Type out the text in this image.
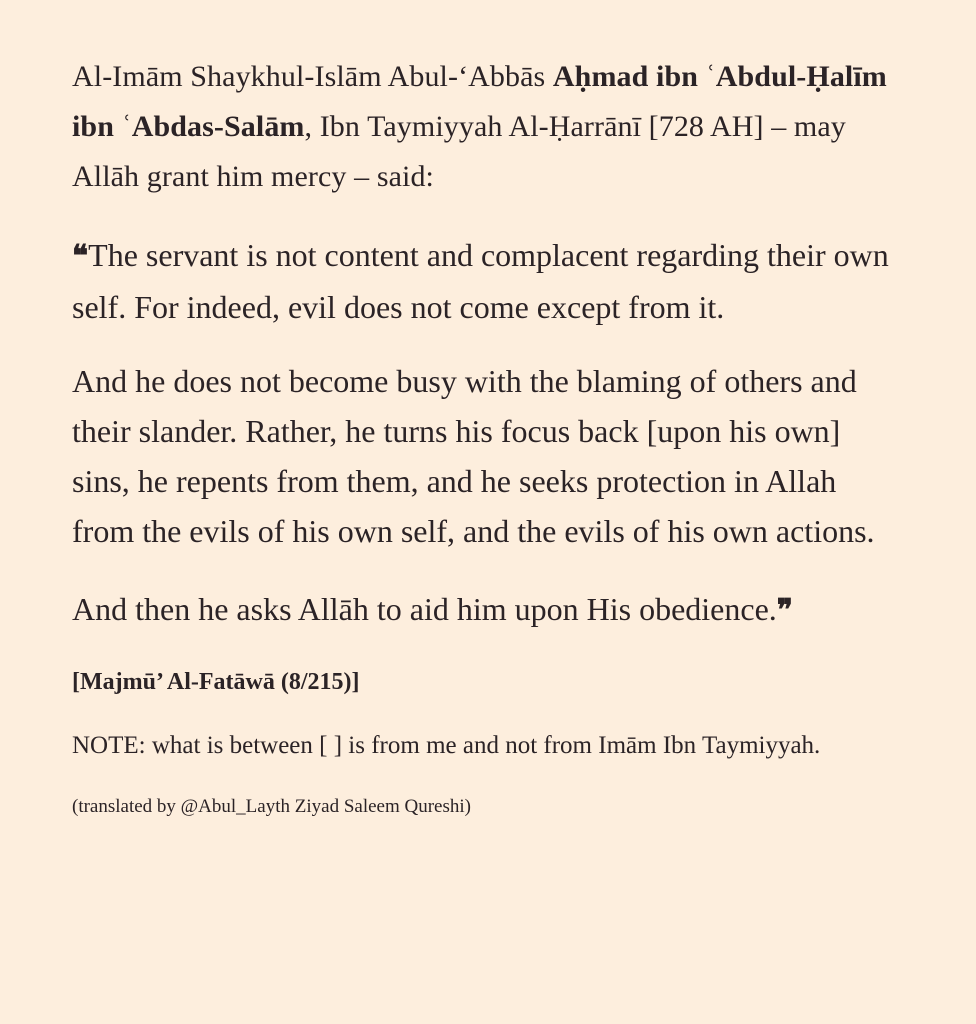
Al-Imām Shaykhul-Islām Abul-‘Abbās Aḥmad ibn ʿAbdul-Ḥalīm ibn ʿAbdas-Salām, Ibn Taymiyyah Al-Ḥarrānī [728 AH] – may Allāh grant him mercy – said:

❝The servant is not content and complacent regarding their own self. For indeed, evil does not come except from it.

And he does not become busy with the blaming of others and their slander. Rather, he turns his focus back [upon his own] sins, he repents from them, and he seeks protection in Allah from the evils of his own self, and the evils of his own actions.

And then he asks Allāh to aid him upon His obedience.❞

[Majmū’ Al-Fatāwā (8/215)]

NOTE: what is between [ ] is from me and not from Imām Ibn Taymiyyah.

(translated by @Abul_Layth Ziyad Saleem Qureshi)
